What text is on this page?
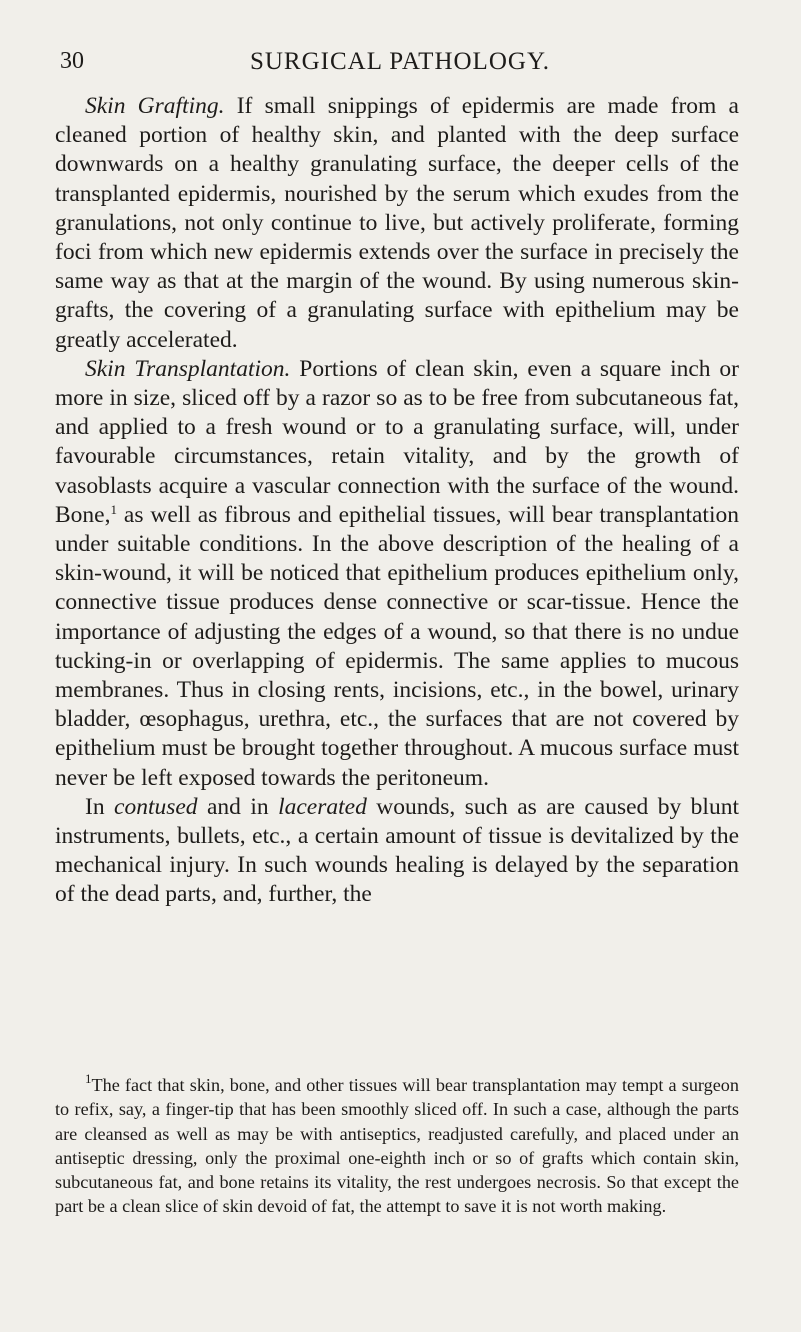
30	SURGICAL PATHOLOGY.

Skin Grafting. If small snippings of epidermis are made from a cleaned portion of healthy skin, and planted with the deep surface downwards on a healthy granulating surface, the deeper cells of the transplanted epidermis, nourished by the serum which exudes from the granulations, not only continue to live, but actively proliferate, forming foci from which new epidermis extends over the surface in precisely the same way as that at the margin of the wound. By using numerous skin-grafts, the covering of a granulating surface with epithelium may be greatly accelerated.

Skin Transplantation. Portions of clean skin, even a square inch or more in size, sliced off by a razor so as to be free from subcutaneous fat, and applied to a fresh wound or to a granulating surface, will, under favourable circumstances, retain vitality, and by the growth of vasoblasts acquire a vascular connection with the surface of the wound. Bone,$^1$ as well as fibrous and epithelial tissues, will bear transplantation under suitable conditions. In the above description of the healing of a skin-wound, it will be noticed that epithelium produces epithelium only, connective tissue produces dense connective or scar-tissue. Hence the importance of adjusting the edges of a wound, so that there is no undue tucking-in or overlapping of epidermis. The same applies to mucous membranes. Thus in closing rents, incisions, etc., in the bowel, urinary bladder, œsophagus, urethra, etc., the surfaces that are not covered by epithelium must be brought together throughout. A mucous surface must never be left exposed towards the peritoneum.

In contused and in lacerated wounds, such as are caused by blunt instruments, bullets, etc., a certain amount of tissue is devitalized by the mechanical injury. In such wounds healing is delayed by the separation of the dead parts, and, further, the

$^1$The fact that skin, bone, and other tissues will bear transplantation may tempt a surgeon to refix, say, a finger-tip that has been smoothly sliced off. In such a case, although the parts are cleansed as well as may be with antiseptics, readjusted carefully, and placed under an antiseptic dressing, only the proximal one-eighth inch or so of grafts which contain skin, subcutaneous fat, and bone retains its vitality, the rest undergoes necrosis. So that except the part be a clean slice of skin devoid of fat, the attempt to save it is not worth making.
